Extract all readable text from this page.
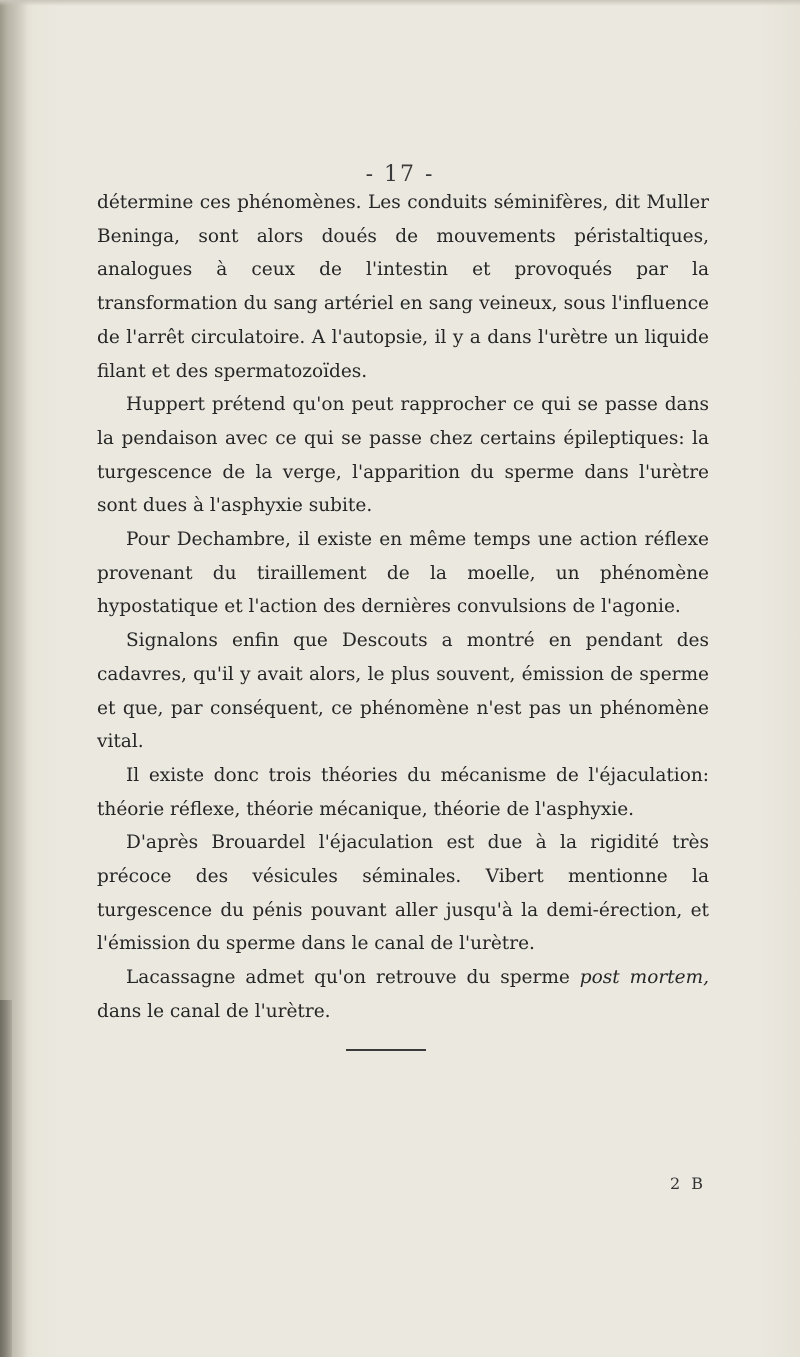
- 17 -

détermine ces phénomènes. Les conduits séminifères, dit Muller Beninga, sont alors doués de mouvements péristaltiques, analogues à ceux de l'intestin et provoqués par la transformation du sang artériel en sang veineux, sous l'influence de l'arrêt circulatoire. A l'autopsie, il y a dans l'urètre un liquide filant et des spermatozoïdes.

Huppert prétend qu'on peut rapprocher ce qui se passe dans la pendaison avec ce qui se passe chez certains épileptiques: la turgescence de la verge, l'apparition du sperme dans l'urètre sont dues à l'asphyxie subite.

Pour Dechambre, il existe en même temps une action réflexe provenant du tiraillement de la moelle, un phénomène hypostatique et l'action des dernières convulsions de l'agonie.

Signalons enfin que Descouts a montré en pendant des cadavres, qu'il y avait alors, le plus souvent, émission de sperme et que, par conséquent, ce phénomène n'est pas un phénomène vital.

Il existe donc trois théories du mécanisme de l'éjaculation: théorie réflexe, théorie mécanique, théorie de l'asphyxie.

D'après Brouardel l'éjaculation est due à la rigidité très précoce des vésicules séminales. Vibert mentionne la turgescence du pénis pouvant aller jusqu'à la demi-érection, et l'émission du sperme dans le canal de l'urètre.

Lacassagne admet qu'on retrouve du sperme post mortem, dans le canal de l'urètre.

2 B
